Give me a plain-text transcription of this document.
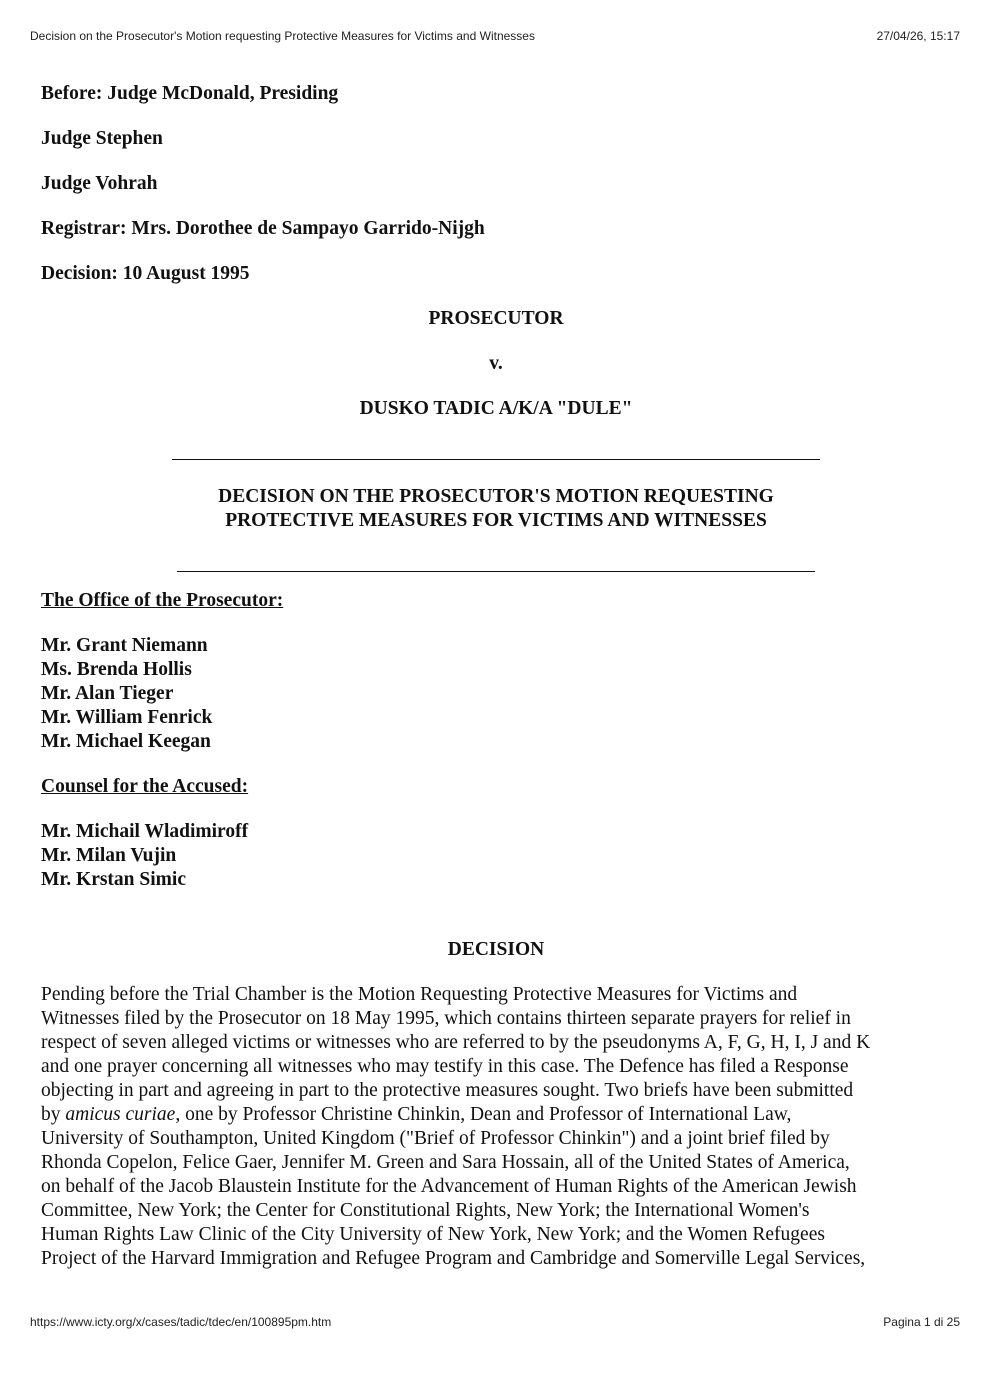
Decision on the Prosecutor's Motion requesting Protective Measures for Victims and Witnesses	27/04/26, 15:17

Before: Judge McDonald, Presiding

Judge Stephen

Judge Vohrah

Registrar: Mrs. Dorothee de Sampayo Garrido-Nijgh

Decision: 10 August 1995

PROSECUTOR

v.

DUSKO TADIC A/K/A "DULE"

DECISION ON THE PROSECUTOR'S MOTION REQUESTING

PROTECTIVE MEASURES FOR VICTIMS AND WITNESSES

The Office of the Prosecutor:

Mr. Grant Niemann
Ms. Brenda Hollis
Mr. Alan Tieger
Mr. William Fenrick
Mr. Michael Keegan

Counsel for the Accused:

Mr. Michail Wladimiroff
Mr. Milan Vujin
Mr. Krstan Simic

DECISION

Pending before the Trial Chamber is the Motion Requesting Protective Measures for Victims and
Witnesses filed by the Prosecutor on 18 May 1995, which contains thirteen separate prayers for relief in
respect of seven alleged victims or witnesses who are referred to by the pseudonyms A, F, G, H, I, J and K
and one prayer concerning all witnesses who may testify in this case. The Defence has filed a Response
objecting in part and agreeing in part to the protective measures sought. Two briefs have been submitted
by amicus curiae, one by Professor Christine Chinkin, Dean and Professor of International Law,
University of Southampton, United Kingdom ("Brief of Professor Chinkin") and a joint brief filed by
Rhonda Copelon, Felice Gaer, Jennifer M. Green and Sara Hossain, all of the United States of America,
on behalf of the Jacob Blaustein Institute for the Advancement of Human Rights of the American Jewish
Committee, New York; the Center for Constitutional Rights, New York; the International Women's
Human Rights Law Clinic of the City University of New York, New York; and the Women Refugees
Project of the Harvard Immigration and Refugee Program and Cambridge and Somerville Legal Services,
https://www.icty.org/x/cases/tadic/tdec/en/100895pm.htm	Pagina 1 di 25
